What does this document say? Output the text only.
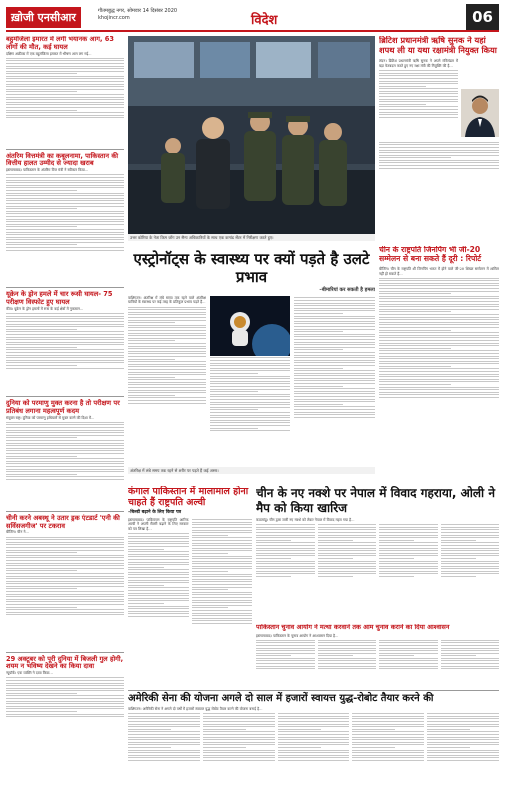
ख़ोजी एनसीआर	गौतमबुद्ध नगर, सोमवार 14 दिसंबर 2020
khojincr.com	विदेश	06
बहुमंजिला इमारत में लगी भयानक आग, 63 लोगों की मौत, कई घायल
दक्षिण अफ्रीका में एक बहुमंजिला इमारत में भीषण आग लग गई...
अंतरिम वित्तमंत्री का कबूलनामा, पाकिस्तान की वित्तीय हालत उम्मीद से ज्यादा खराब
इस्लामाबाद। पाकिस्तान के अंतरिम वित्त मंत्री ने स्वीकार किया...
यूक्रेन के ड्रोन हमले में चार रूसी घायल- 75 परीक्षण विस्फोट हुए घायल
कीव। यूक्रेन के ड्रोन हमलों में रूस के कई क्षेत्रों में नुकसान...
दुनिया को परमाणु मुक्त करना है तो परीक्षण पर प्रतिबंध लगाना महत्वपूर्ण कदम
संयुक्त राष्ट्र। दुनिया को परमाणु हथियारों से मुक्त करने की दिशा में...
चीनी करने अबस्थू ने उतार ड्रक एंटडार्ट 'एनी की सर्विसजगीज' पर टकराव
बीजिंग। चीन ने...
29 अक्टूबर को पूरी दुनिया में बिजली गुल होगी, शयम न भविष्य देखने का किया दावा
न्यूयॉर्क। एक व्यक्ति ने दावा किया...
उत्तर कोरिया के नेता किम जोंग उन सैन्य अधिकारियों के साथ एक कमांड सेंटर में निरीक्षण करते हुए।
ब्रिटिश प्रधानमंत्री ऋषि सुनक ने यहां शपथ ली या यथा रक्षामंत्री नियुक्त किया
लंदन। ब्रिटिश प्रधानमंत्री ऋषि सुनक ने अपने मंत्रिमंडल में बड़ा फेरबदल करते हुए नए रक्षा मंत्री की नियुक्ति की है...
एस्ट्रोनॉट्स के स्वास्थ्य पर क्यों पड़ते है उलटे प्रभाव
–बीमारियां कर सकती है हमला
वाशिंगटन। अंतरिक्ष में लंबे समय तक रहने वाले अंतरिक्ष यात्रियों के स्वास्थ्य पर कई तरह के प्रतिकूल प्रभाव पड़ते हैं...
अंतरिक्ष में लंबे समय तक रहने से शरीर पर पड़ते हैं कई असर।
चीन के राष्ट्रपति जिनपिंग भी जी-20 सम्मेलन से बना सकते हैं दूरी : रिपोर्ट
बीजिंग। चीन के राष्ट्रपति शी जिनपिंग भारत में होने वाले जी-20 शिखर सम्मेलन में शामिल नहीं हो सकते हैं...
कंगाल पाकिस्तान में मालामाल होना चाहते हैं राष्ट्रपति अल्वी
–बिल्डी बढ़ाने के लिए किया पत्र
इस्लामाबाद। पाकिस्तान के राष्ट्रपति आरिफ अल्वी ने अपनी सैलरी बढ़ाने के लिए सरकार को पत्र लिखा है...
चीन के नए नक्शे पर नेपाल में विवाद गहराया, ओली ने मैप को किया खारिज
काठमांडू। चीन द्वारा जारी नए नक्शे को लेकर नेपाल में विवाद गहरा गया है...
पाकिस्तान चुनाव आयोग ने मत्था करवाने तक आम चुनाव कराने का दिया आश्वासन
इस्लामाबाद। पाकिस्तान के चुनाव आयोग ने आश्वासन दिया है...
अमेरिकी सेना की योजना अगले दो साल में हजारों स्वायत्त युद्ध-रोबोट तैयार करने की
वाशिंगटन। अमेरिकी सेना ने अगले दो वर्षों में हजारों स्वायत्त युद्ध रोबोट तैयार करने की योजना बनाई है...
